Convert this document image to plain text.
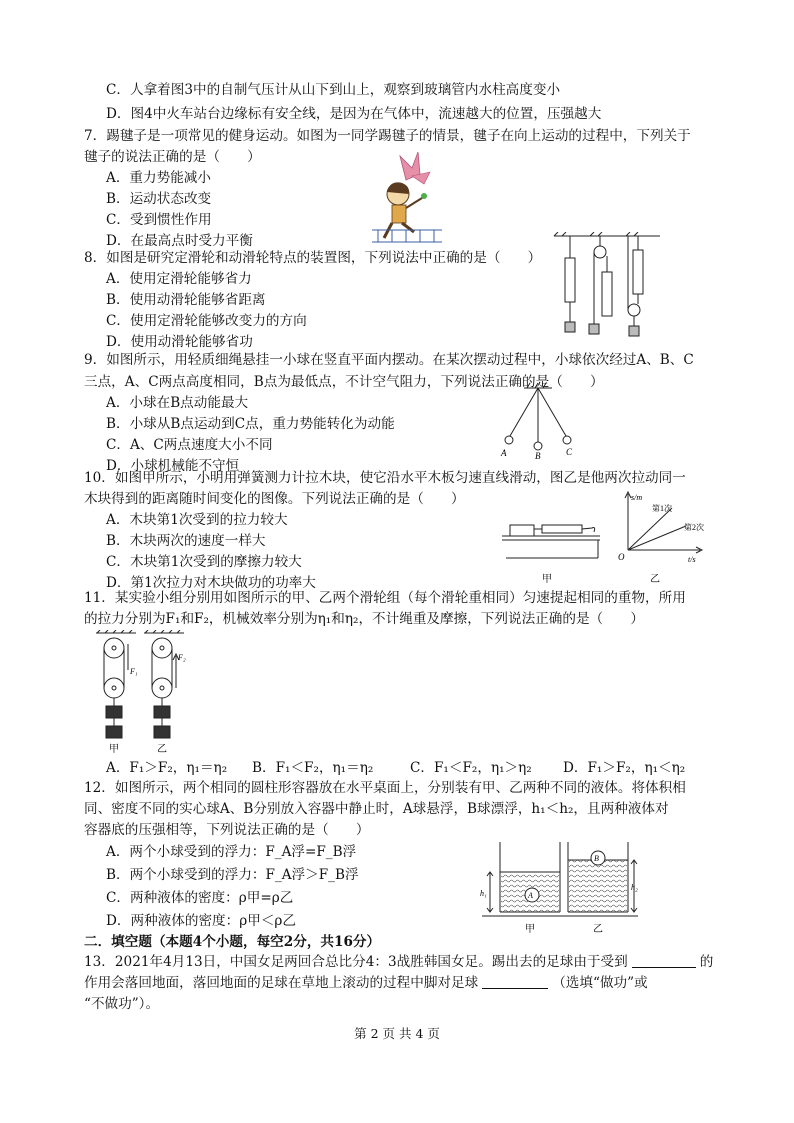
C．人拿着图3中的自制气压计从山下到山上，观察到玻璃管内水柱高度变小
D．图4中火车站台边缘标有安全线，是因为在气体中，流速越大的位置，压强越大
7．踢毽子是一项常见的健身运动。如图为一同学踢毽子的情景，毽子在向上运动的过程中，下列关于
毽子的说法正确的是（　　）
A．重力势能减小
B．运动状态改变
C．受到惯性作用
D．在最高点时受力平衡
8．如图是研究定滑轮和动滑轮特点的装置图，下列说法中正确的是（　　）
A．使用定滑轮能够省力
B．使用动滑轮能够省距离
C．使用定滑轮能够改变力的方向
D．使用动滑轮能够省功
9．如图所示，用轻质细绳悬挂一小球在竖直平面内摆动。在某次摆动过程中，小球依次经过A、B、C
三点，A、C两点高度相同，B点为最低点，不计空气阻力，下列说法正确的是（　　）
A．小球在B点动能最大
B．小球从B点运动到C点，重力势能转化为动能
C．A、C两点速度大小不同
D．小球机械能不守恒
A	B	C
10．如图甲所示，小明用弹簧测力计拉木块，使它沿水平木板匀速直线滑动，图乙是他两次拉动同一
木块得到的距离随时间变化的图像。下列说法正确的是（　　）
A．木块第1次受到的拉力较大
B．木块两次的速度一样大
C．木块第1次受到的摩擦力较大
D．第1次拉力对木块做功的功率大	甲
s/m
t/s
O
第1次
第2次
乙
11．某实验小组分别用如图所示的甲、乙两个滑轮组（每个滑轮重相同）匀速提起相同的重物，所用
的拉力分别为F₁和F₂，机械效率分别为η₁和η₂，不计绳重及摩擦，下列说法正确的是（　　）
F₁
F₂
甲	乙
A．F₁＞F₂，η₁＝η₂ B．F₁＜F₂，η₁＝η₂	C．F₁＜F₂，η₁＞η₂ D．F₁＞F₂，η₁＜η₂
12．如图所示，两个相同的圆柱形容器放在水平桌面上，分别装有甲、乙两种不同的液体。将体积相
同、密度不同的实心球A、B分别放入容器中静止时，A球悬浮，B球漂浮，h₁＜h₂，且两种液体对
容器底的压强相等，下列说法正确的是（　　）
A．两个小球受到的浮力：F_A浮=F_B浮
B．两个小球受到的浮力：F_A浮＞F_B浮
C．两种液体的密度：ρ甲=ρ乙
D．两种液体的密度：ρ甲＜ρ乙
h₁
h₂
A
B
甲	乙
二．填空题（本题4个小题，每空2分，共16分）
13．2021年4月13日，中国女足两回合总比分4：3战胜韩国女足。踢出去的足球由于受到	的
作用会落回地面，落回地面的足球在草地上滚动的过程中脚对足球	（选填“做功”或
“不做功”）。
第 2 页 共 4 页
